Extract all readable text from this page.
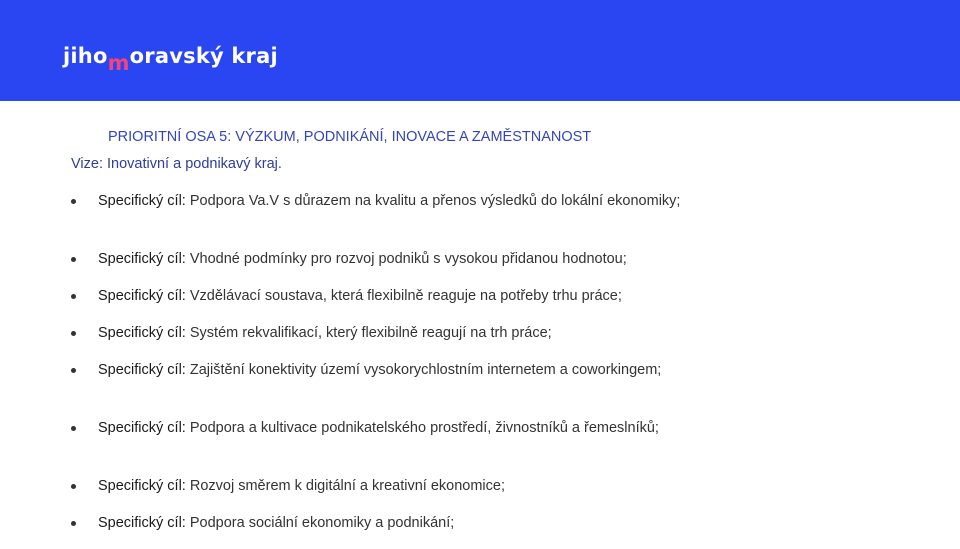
jihomoravský kraj
PRIORITNÍ OSA 5: VÝZKUM, PODNIKÁNÍ, INOVACE A ZAMĚSTNANOST
Vize: Inovativní a podnikavý kraj.
Specifický cíl: Podpora Va.V s důrazem na kvalitu a přenos výsledků do lokální ekonomiky;
Specifický cíl: Vhodné podmínky pro rozvoj podniků s vysokou přidanou hodnotou;
Specifický cíl: Vzdělávací soustava, která flexibilně reaguje na potřeby trhu práce;
Specifický cíl: Systém rekvalifikací, který flexibilně reagují na trh práce;
Specifický cíl: Zajištění konektivity území vysokorychlostním internetem a coworkingem;
Specifický cíl: Podpora a kultivace podnikatelského prostředí, živnostníků a řemeslníků;
Specifický cíl: Rozvoj směrem k digitální a kreativní ekonomice;
Specifický cíl: Podpora sociální ekonomiky a podnikání;
